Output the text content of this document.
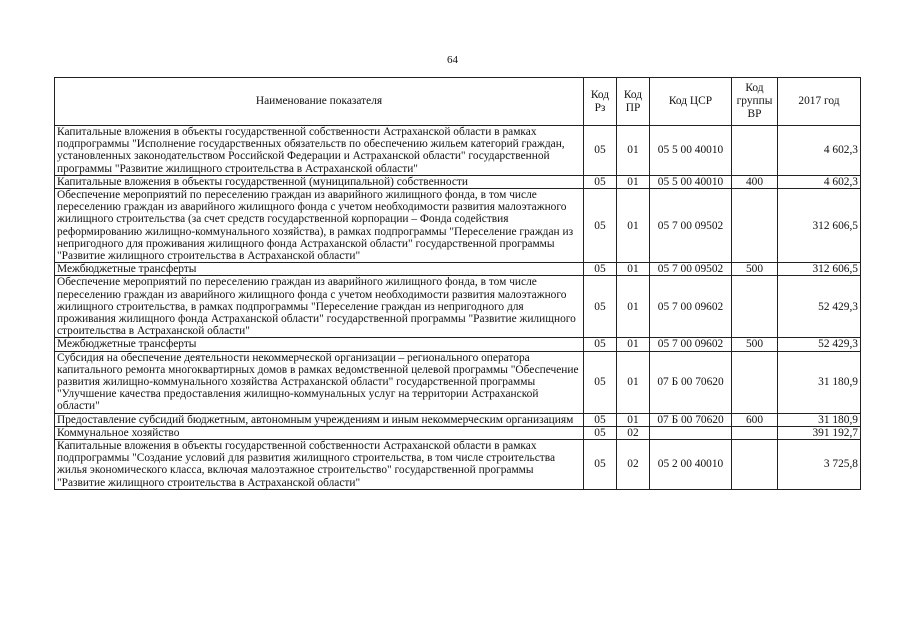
64
Наименование показателя	Код Рз	Код ПР	Код ЦСР	Код группы ВР	2017 год
Капитальные вложения в объекты государственной собственности Астраханской области в рамках подпрограммы "Исполнение государственных обязательств по обеспечению жильем категорий граждан, установленных законодательством Российской Федерации и Астраханской области" государственной программы "Развитие жилищного строительства в Астраханской области"	05	01	05 5 00 40010		4 602,3
Капитальные вложения в объекты государственной (муниципальной) собственности	05	01	05 5 00 40010	400	4 602,3
Обеспечение мероприятий по переселению граждан из аварийного жилищного фонда, в том числе переселению граждан из аварийного жилищного фонда с учетом необходимости развития малоэтажного жилищного строительства (за счет средств государственной корпорации – Фонда содействия реформированию жилищно-коммунального хозяйства), в рамках подпрограммы "Переселение граждан из непригодного для проживания жилищного фонда Астраханской области" государственной программы "Развитие жилищного строительства в Астраханской области"	05	01	05 7 00 09502		312 606,5
Межбюджетные трансферты	05	01	05 7 00 09502	500	312 606,5
Обеспечение мероприятий по переселению граждан из аварийного жилищного фонда, в том числе переселению граждан из аварийного жилищного фонда с учетом необходимости развития малоэтажного жилищного строительства, в рамках подпрограммы "Переселение граждан из непригодного для проживания жилищного фонда Астраханской области" государственной программы "Развитие жилищного строительства в Астраханской области"	05	01	05 7 00 09602		52 429,3
Межбюджетные трансферты	05	01	05 7 00 09602	500	52 429,3
Субсидия на обеспечение деятельности некоммерческой организации – регионального оператора капитального ремонта многоквартирных домов в рамках ведомственной целевой программы "Обеспечение развития жилищно-коммунального хозяйства Астраханской области" государственной программы "Улучшение качества предоставления жилищно-коммунальных услуг на территории Астраханской области"	05	01	07 Б 00 70620		31 180,9
Предоставление субсидий бюджетным, автономным учреждениям и иным некоммерческим организациям	05	01	07 Б 00 70620	600	31 180,9
Коммунальное хозяйство	05	02			391 192,7
Капитальные вложения в объекты государственной собственности Астраханской области в рамках подпрограммы "Создание условий для развития жилищного строительства, в том числе строительства жилья экономического класса, включая малоэтажное строительство" государственной программы "Развитие жилищного строительства в Астраханской области"	05	02	05 2 00 40010		3 725,8
